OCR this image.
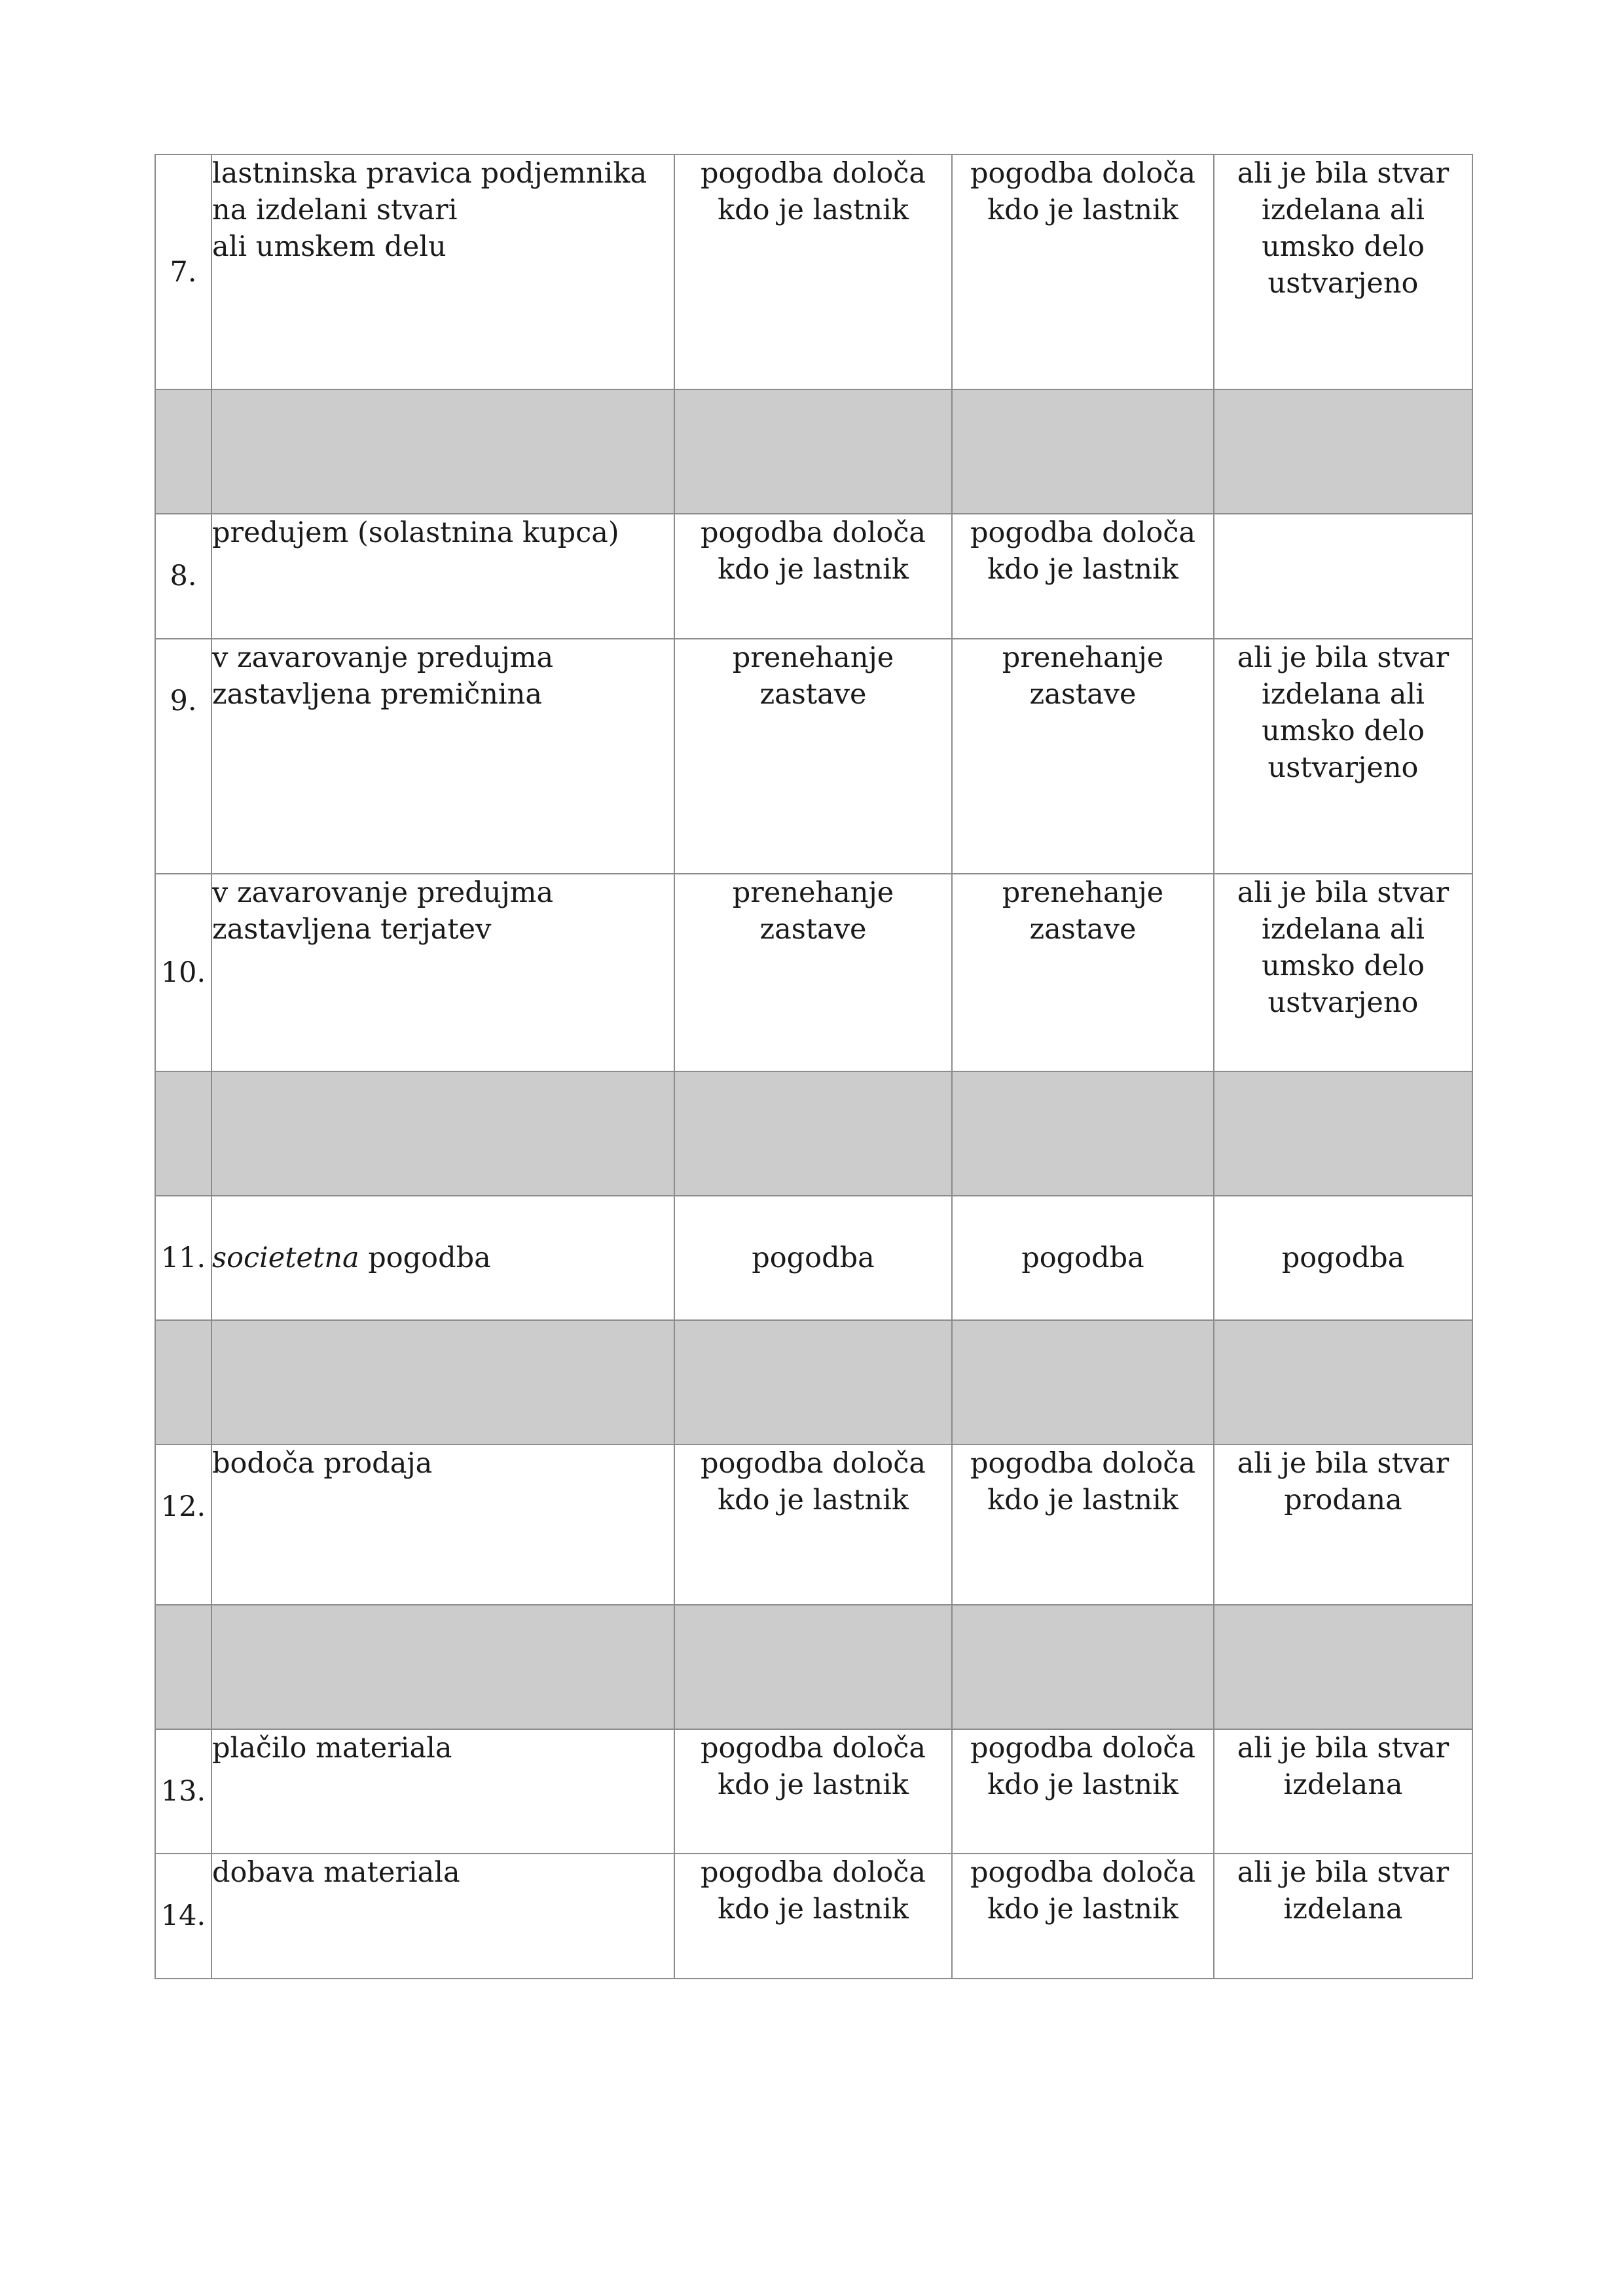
7.	lastninska pravica podjemnika
na izdelani stvari
ali umskem delu	pogodba določa kdo je lastnik	pogodba določa kdo je lastnik	ali je bila stvar izdelana ali umsko delo ustvarjeno

8.	predujem (solastnina kupca)	pogodba določa kdo je lastnik	pogodba določa kdo je lastnik	
9.	v zavarovanje predujma
zastavljena premičnina	prenehanje zastave	prenehanje zastave	ali je bila stvar izdelana ali umsko delo ustvarjeno
10.	v zavarovanje predujma
zastavljena terjatev	prenehanje zastave	prenehanje zastave	ali je bila stvar izdelana ali umsko delo ustvarjeno

11.	societetna pogodba	pogodba	pogodba	pogodba

12.	bodoča prodaja	pogodba določa kdo je lastnik	pogodba določa kdo je lastnik	ali je bila stvar prodana

13.	plačilo materiala	pogodba določa kdo je lastnik	pogodba določa kdo je lastnik	ali je bila stvar izdelana
14.	dobava materiala	pogodba določa kdo je lastnik	pogodba določa kdo je lastnik	ali je bila stvar izdelana
